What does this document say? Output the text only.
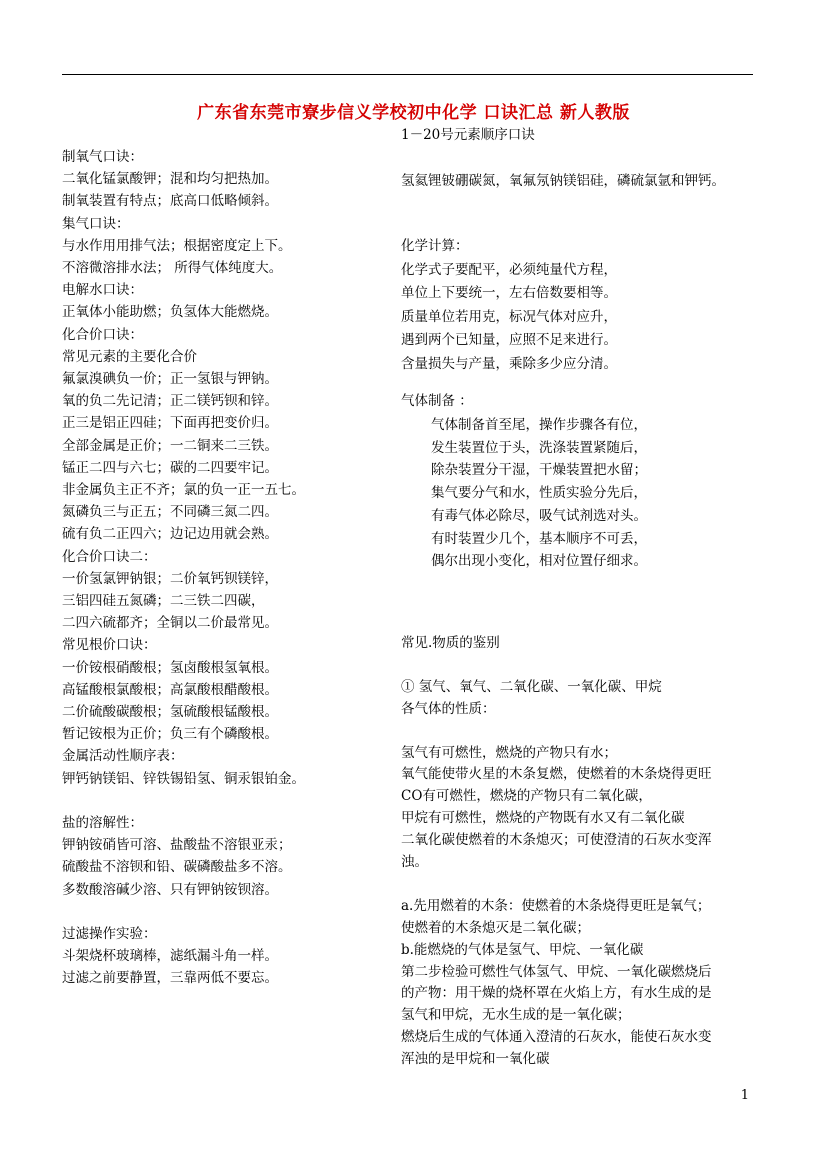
广东省东莞市寮步信义学校初中化学 口诀汇总 新人教版
制氧气口诀：
二氧化锰氯酸钾；混和均匀把热加。
制氧装置有特点；底高口低略倾斜。
集气口诀：
与水作用用排气法；根据密度定上下。
不溶微溶排水法； 所得气体纯度大。
电解水口诀：
正氧体小能助燃；负氢体大能燃烧。
化合价口诀：
常见元素的主要化合价
氟氯溴碘负一价；正一氢银与钾钠。
氧的负二先记清；正二镁钙钡和锌。
正三是铝正四硅；下面再把变价归。
全部金属是正价；一二铜来二三铁。
锰正二四与六七；碳的二四要牢记。
非金属负主正不齐；氯的负一正一五七。
氮磷负三与正五；不同磷三氮二四。
硫有负二正四六；边记边用就会熟。
化合价口诀二：
一价氢氯钾钠银；二价氧钙钡镁锌，
三铝四硅五氮磷；二三铁二四碳，
二四六硫都齐；全铜以二价最常见。
常见根价口诀：
一价铵根硝酸根；氢卤酸根氢氧根。
高锰酸根氯酸根；高氯酸根醋酸根。
二价硫酸碳酸根；氢硫酸根锰酸根。
暂记铵根为正价；负三有个磷酸根。
金属活动性顺序表：
钾钙钠镁铝、锌铁锡铅氢、铜汞银铂金。
盐的溶解性：
钾钠铵硝皆可溶、盐酸盐不溶银亚汞；
硫酸盐不溶钡和铅、碳磷酸盐多不溶。
多数酸溶碱少溶、只有钾钠铵钡溶。
过滤操作实验：
斗架烧杯玻璃棒，滤纸漏斗角一样。
过滤之前要静置，三靠两低不要忘。
1－20号元素顺序口诀
氢氦锂铍硼碳氮，氧氟氖钠镁铝硅，磷硫氯氩和钾钙。
化学计算：
化学式子要配平，必须纯量代方程，
单位上下要统一，左右倍数要相等。
质量单位若用克，标况气体对应升，
遇到两个已知量，应照不足来进行。
含量损失与产量，乘除多少应分清。
气体制备 ：
气体制备首至尾，操作步骤各有位，
发生装置位于头，洗涤装置紧随后，
除杂装置分干湿，干燥装置把水留；
集气要分气和水，性质实验分先后，
有毒气体必除尽，吸气试剂选对头。
有时装置少几个，基本顺序不可丢，
偶尔出现小变化，相对位置仔细求。
常见.物质的鉴别
① 氢气、氧气、二氧化碳、一氧化碳、甲烷
各气体的性质：
氢气有可燃性，燃烧的产物只有水；
氧气能使带火星的木条复燃，使燃着的木条烧得更旺
CO有可燃性，燃烧的产物只有二氧化碳，
甲烷有可燃性，燃烧的产物既有水又有二氧化碳
二氧化碳使燃着的木条熄灭；可使澄清的石灰水变浑
浊。
a.先用燃着的木条：使燃着的木条烧得更旺是氧气；
使燃着的木条熄灭是二氧化碳；
b.能燃烧的气体是氢气、甲烷、一氧化碳
第二步检验可燃性气体氢气、甲烷、一氧化碳燃烧后
的产物：用干燥的烧杯罩在火焰上方，有水生成的是
氢气和甲烷，无水生成的是一氧化碳；
燃烧后生成的气体通入澄清的石灰水，能使石灰水变
浑浊的是甲烷和一氧化碳
1
